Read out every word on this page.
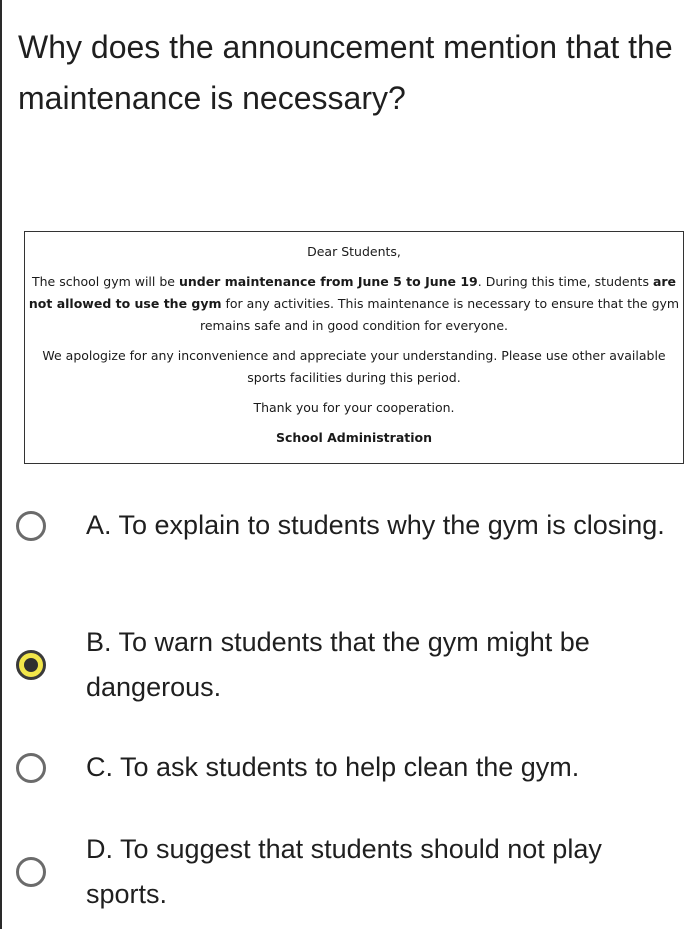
Why does the announcement mention that the maintenance is necessary?

Dear Students,

The school gym will be under maintenance from June 5 to June 19. During this time, students are not allowed to use the gym for any activities. This maintenance is necessary to ensure that the gym remains safe and in good condition for everyone.

We apologize for any inconvenience and appreciate your understanding. Please use other available sports facilities during this period.

Thank you for your cooperation.

School Administration

A. To explain to students why the gym is closing.
B. To warn students that the gym might be dangerous.
C. To ask students to help clean the gym.
D. To suggest that students should not play sports.
